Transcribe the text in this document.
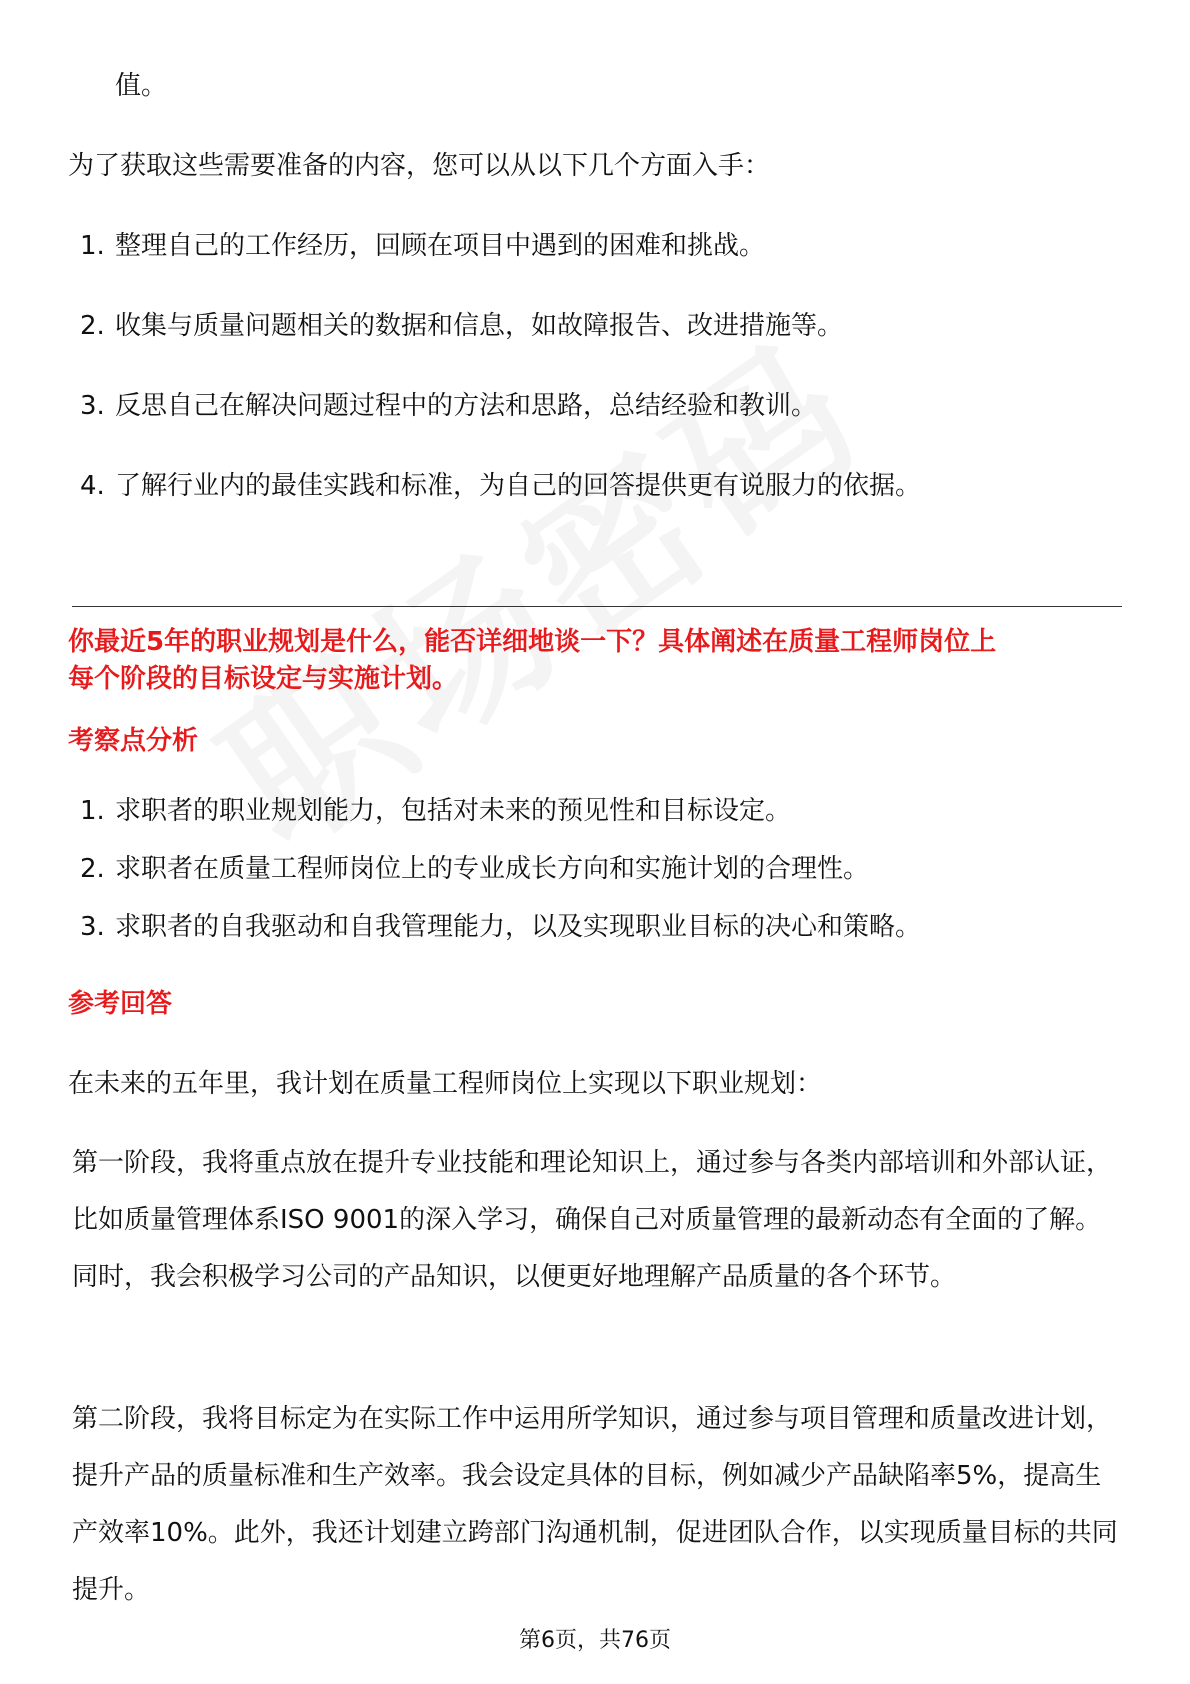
值。
为了获取这些需要准备的内容，您可以从以下几个方面入手：
1. 整理自己的工作经历，回顾在项目中遇到的困难和挑战。
2. 收集与质量问题相关的数据和信息，如故障报告、改进措施等。
3. 反思自己在解决问题过程中的方法和思路，总结经验和教训。
4. 了解行业内的最佳实践和标准，为自己的回答提供更有说服力的依据。
你最近5年的职业规划是什么，能否详细地谈一下？具体阐述在质量工程师岗位上
每个阶段的目标设定与实施计划。
考察点分析
1. 求职者的职业规划能力，包括对未来的预见性和目标设定。
2. 求职者在质量工程师岗位上的专业成长方向和实施计划的合理性。
3. 求职者的自我驱动和自我管理能力，以及实现职业目标的决心和策略。
参考回答
在未来的五年里，我计划在质量工程师岗位上实现以下职业规划：
第一阶段，我将重点放在提升专业技能和理论知识上，通过参与各类内部培训和外部认证，比如质量管理体系ISO 9001的深入学习，确保自己对质量管理的最新动态有全面的了解。同时，我会积极学习公司的产品知识，以便更好地理解产品质量的各个环节。
第二阶段，我将目标定为在实际工作中运用所学知识，通过参与项目管理和质量改进计划，提升产品的质量标准和生产效率。我会设定具体的目标，例如减少产品缺陷率5%，提高生产效率10%。此外，我还计划建立跨部门沟通机制，促进团队合作，以实现质量目标的共同提升。
第6页，共76页
